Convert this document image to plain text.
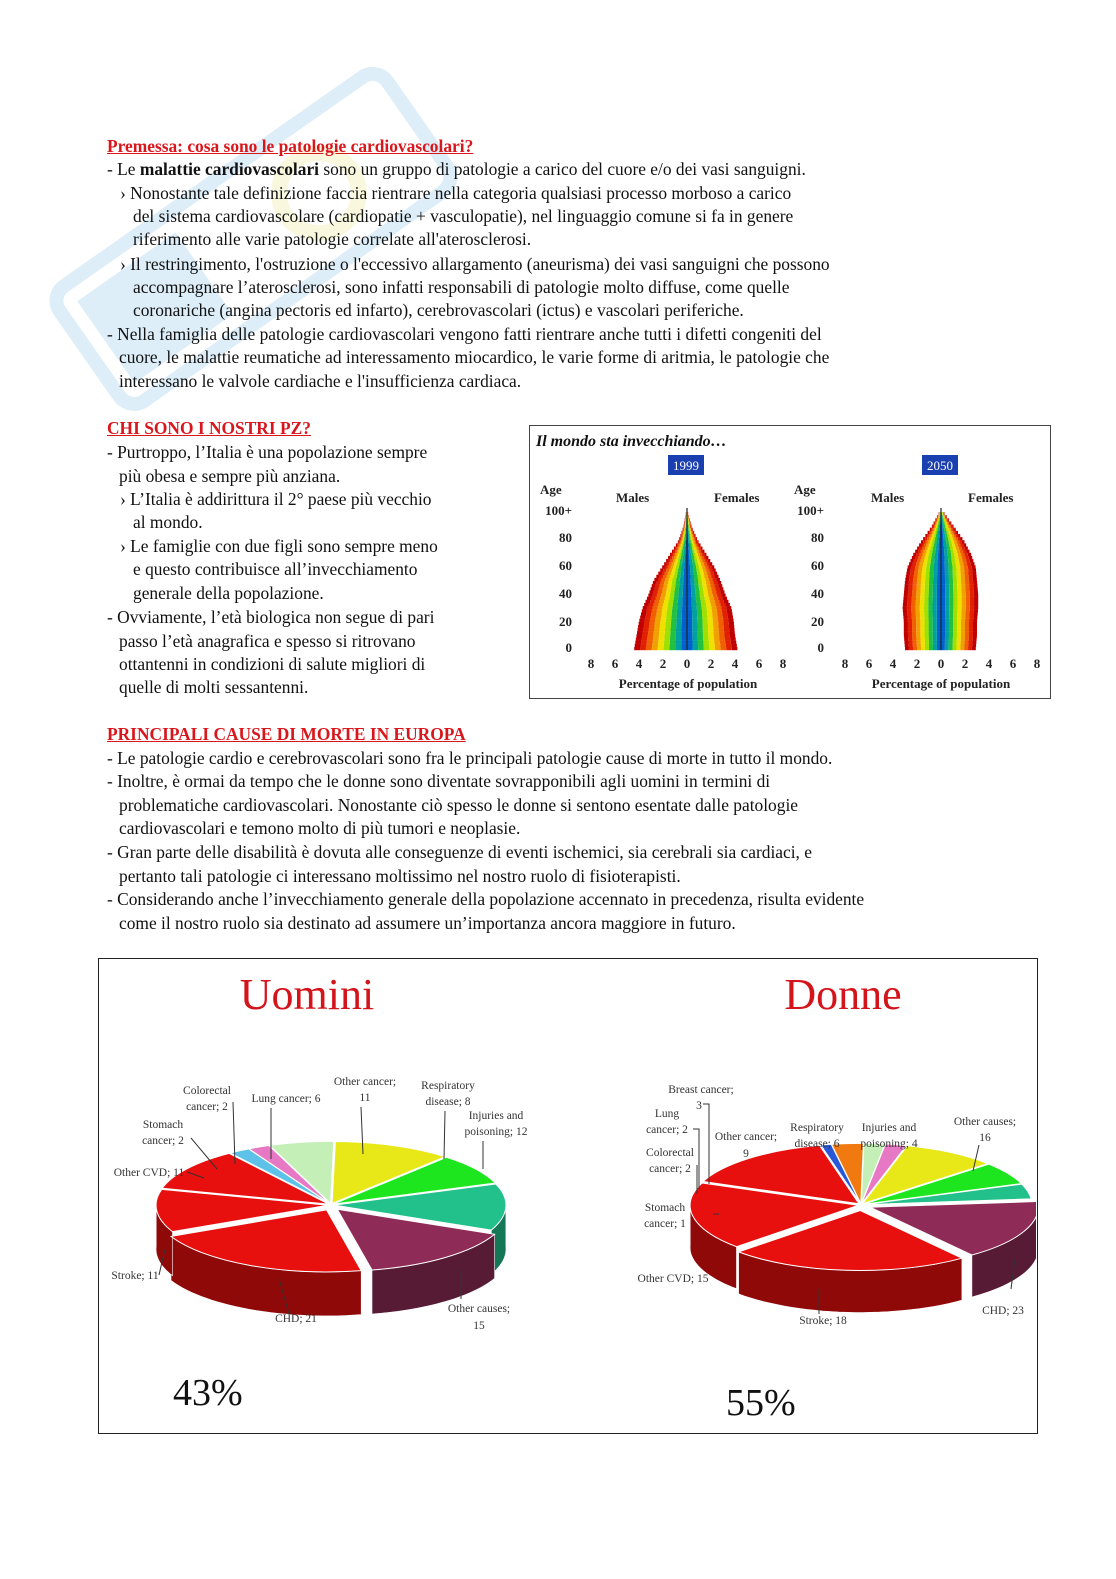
Premessa: cosa sono le patologie cardiovascolari?
- Le malattie cardiovascolari sono un gruppo di patologie a carico del cuore e/o dei vasi sanguigni.
› Nonostante tale definizione faccia rientrare nella categoria qualsiasi processo morboso a carico
del sistema cardiovascolare (cardiopatie + vasculopatie), nel linguaggio comune si fa in genere
riferimento alle varie patologie correlate all'aterosclerosi.
› Il restringimento, l'ostruzione o l'eccessivo allargamento (aneurisma) dei vasi sanguigni che possono
accompagnare l’aterosclerosi, sono infatti responsabili di patologie molto diffuse, come quelle
coronariche (angina pectoris ed infarto), cerebrovascolari (ictus) e vascolari periferiche.
- Nella famiglia delle patologie cardiovascolari vengono fatti rientrare anche tutti i difetti congeniti del
cuore, le malattie reumatiche ad interessamento miocardico, le varie forme di aritmia, le patologie che
interessano le valvole cardiache e l'insufficienza cardiaca.
CHI SONO I NOSTRI PZ?
- Purtroppo, l’Italia è una popolazione sempre
più obesa e sempre più anziana.
› L’Italia è addirittura il 2° paese più vecchio
al mondo.
› Le famiglie con due figli sono sempre meno
e questo contribuisce all’invecchiamento
generale della popolazione.
- Ovviamente, l’età biologica non segue di pari
passo l’età anagrafica e spesso si ritrovano
ottantenni in condizioni di salute migliori di
quelle di molti sessantenni.
Il mondo sta invecchiando…
1999
Age
Males	Females
100+
80
60
40
20
0
8 6 4 2 0 2 4 6 8
Percentage of population
2050
Age
Males	Females
100+
80
60
40
20
0
8 6 4 2 0 2 4 6 8
Percentage of population
PRINCIPALI CAUSE DI MORTE IN EUROPA
- Le patologie cardio e cerebrovascolari sono fra le principali patologie cause di morte in tutto il mondo.
- Inoltre, è ormai da tempo che le donne sono diventate sovrapponibili agli uomini in termini di
problematiche cardiovascolari. Nonostante ciò spesso le donne si sentono esentate dalle patologie
cardiovascolari e temono molto di più tumori e neoplasie.
- Gran parte delle disabilità è dovuta alle conseguenze di eventi ischemici, sia cerebrali sia cardiaci, e
pertanto tali patologie ci interessano moltissimo nel nostro ruolo di fisioterapisti.
- Considerando anche l’invecchiamento generale della popolazione accennato in precedenza, risulta evidente
come il nostro ruolo sia destinato ad assumere un’importanza ancora maggiore in futuro.
Uomini	Donne
Colorectal cancer; 2
Lung cancer; 6
Other cancer; 11
Respiratory disease; 8
Injuries and poisoning; 12
Stomach cancer; 2
Other CVD; 11
Stroke; 11
CHD; 21
Other causes; 15
Breast cancer; 3
Lung cancer; 2
Colorectal cancer; 2
Other cancer; 9
Respiratory disease; 6
Injuries and poisoning; 4
Other causes; 16
Stomach cancer; 1
Other CVD; 15
Stroke; 18
CHD; 23
43%	55%
